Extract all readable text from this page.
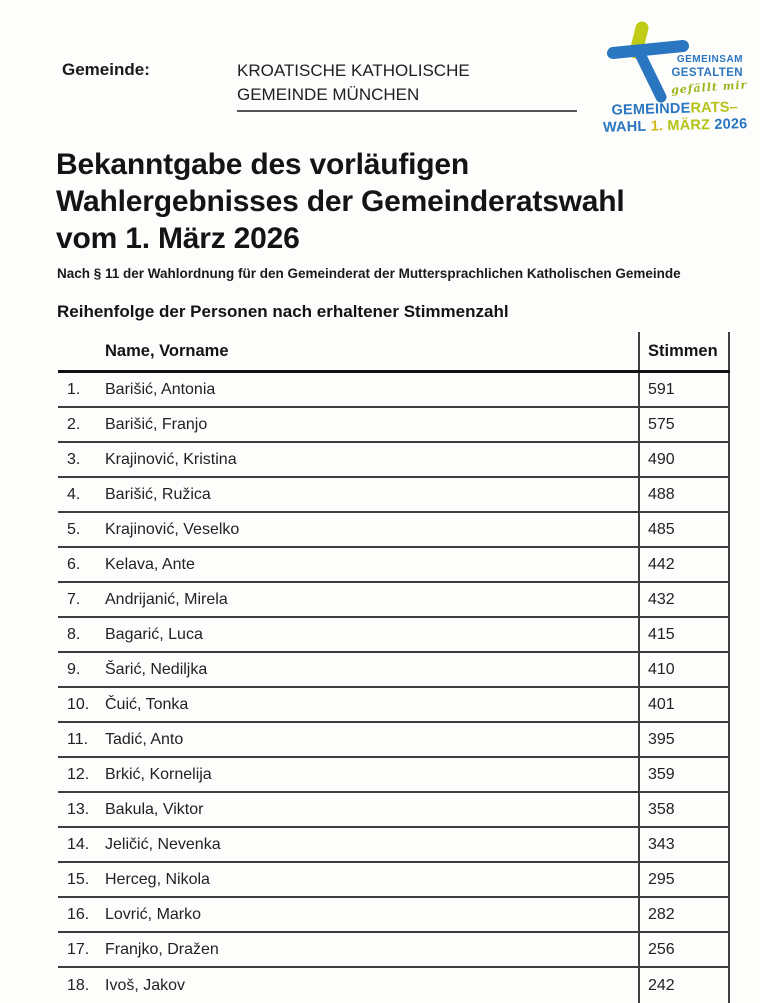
Gemeinde:	KROATISCHE KATHOLISCHE
GEMEINDE MÜNCHEN
GEMEINSAM
GESTALTEN
gefällt mir
GEMEINDERATS–
WAHL 1. MÄRZ 2026
Bekanntgabe des vorläufigen
Wahlergebnisses der Gemeinderatswahl
vom 1. März 2026

Nach § 11 der Wahlordnung für den Gemeinderat der Muttersprachlichen Katholischen Gemeinde

Reihenfolge der Personen nach erhaltener Stimmenzahl
Name, Vorname	Stimmen
1.	Barišić, Antonia	591
2.	Barišić, Franjo	575
3.	Krajinović, Kristina	490
4.	Barišić, Ružica	488
5.	Krajinović, Veselko	485
6.	Kelava, Ante	442
7.	Andrijanić, Mirela	432
8.	Bagarić, Luca	415
9.	Šarić, Nediljka	410
10. Čuić, Tonka	401
11.	Tadić, Anto	395
12. Brkić, Kornelija	359
13. Bakula, Viktor	358
14. Jeličić, Nevenka	343
15. Herceg, Nikola	295
16. Lovrić, Marko	282
17. Franjko, Dražen	256
18. Ivoš, Jakov	242
